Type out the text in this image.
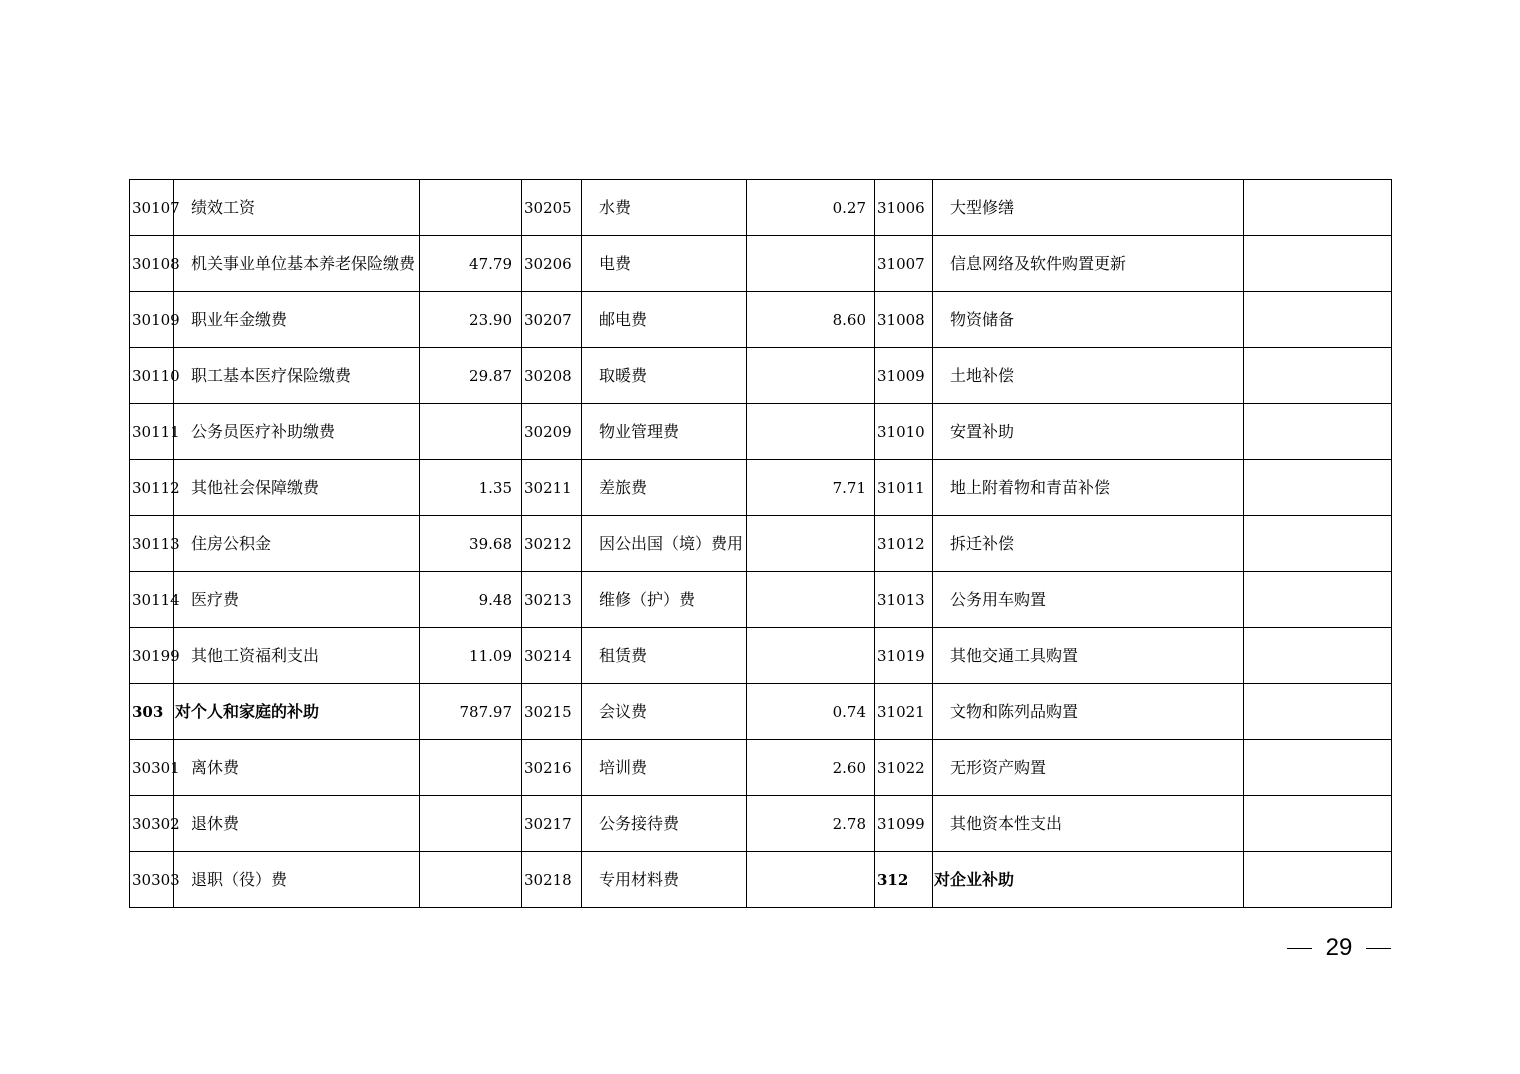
30107	绩效工资		30205	水费	0.27	31006	大型修缮	
30108	机关事业单位基本养老保险缴费	47.79	30206	电费		31007	信息网络及软件购置更新	
30109	职业年金缴费	23.90	30207	邮电费	8.60	31008	物资储备	
30110	职工基本医疗保险缴费	29.87	30208	取暖费		31009	土地补偿	
30111	公务员医疗补助缴费		30209	物业管理费		31010	安置补助	
30112	其他社会保障缴费	1.35	30211	差旅费	7.71	31011	地上附着物和青苗补偿	
30113	住房公积金	39.68	30212	因公出国（境）费用		31012	拆迁补偿	
30114	医疗费	9.48	30213	维修（护）费		31013	公务用车购置	
30199	其他工资福利支出	11.09	30214	租赁费		31019	其他交通工具购置	
303	对个人和家庭的补助	787.97	30215	会议费	0.74	31021	文物和陈列品购置	
30301	离休费		30216	培训费	2.60	31022	无形资产购置	
30302	退休费		30217	公务接待费	2.78	31099	其他资本性支出	
30303	退职（役）费		30218	专用材料费		312	对企业补助	
29
